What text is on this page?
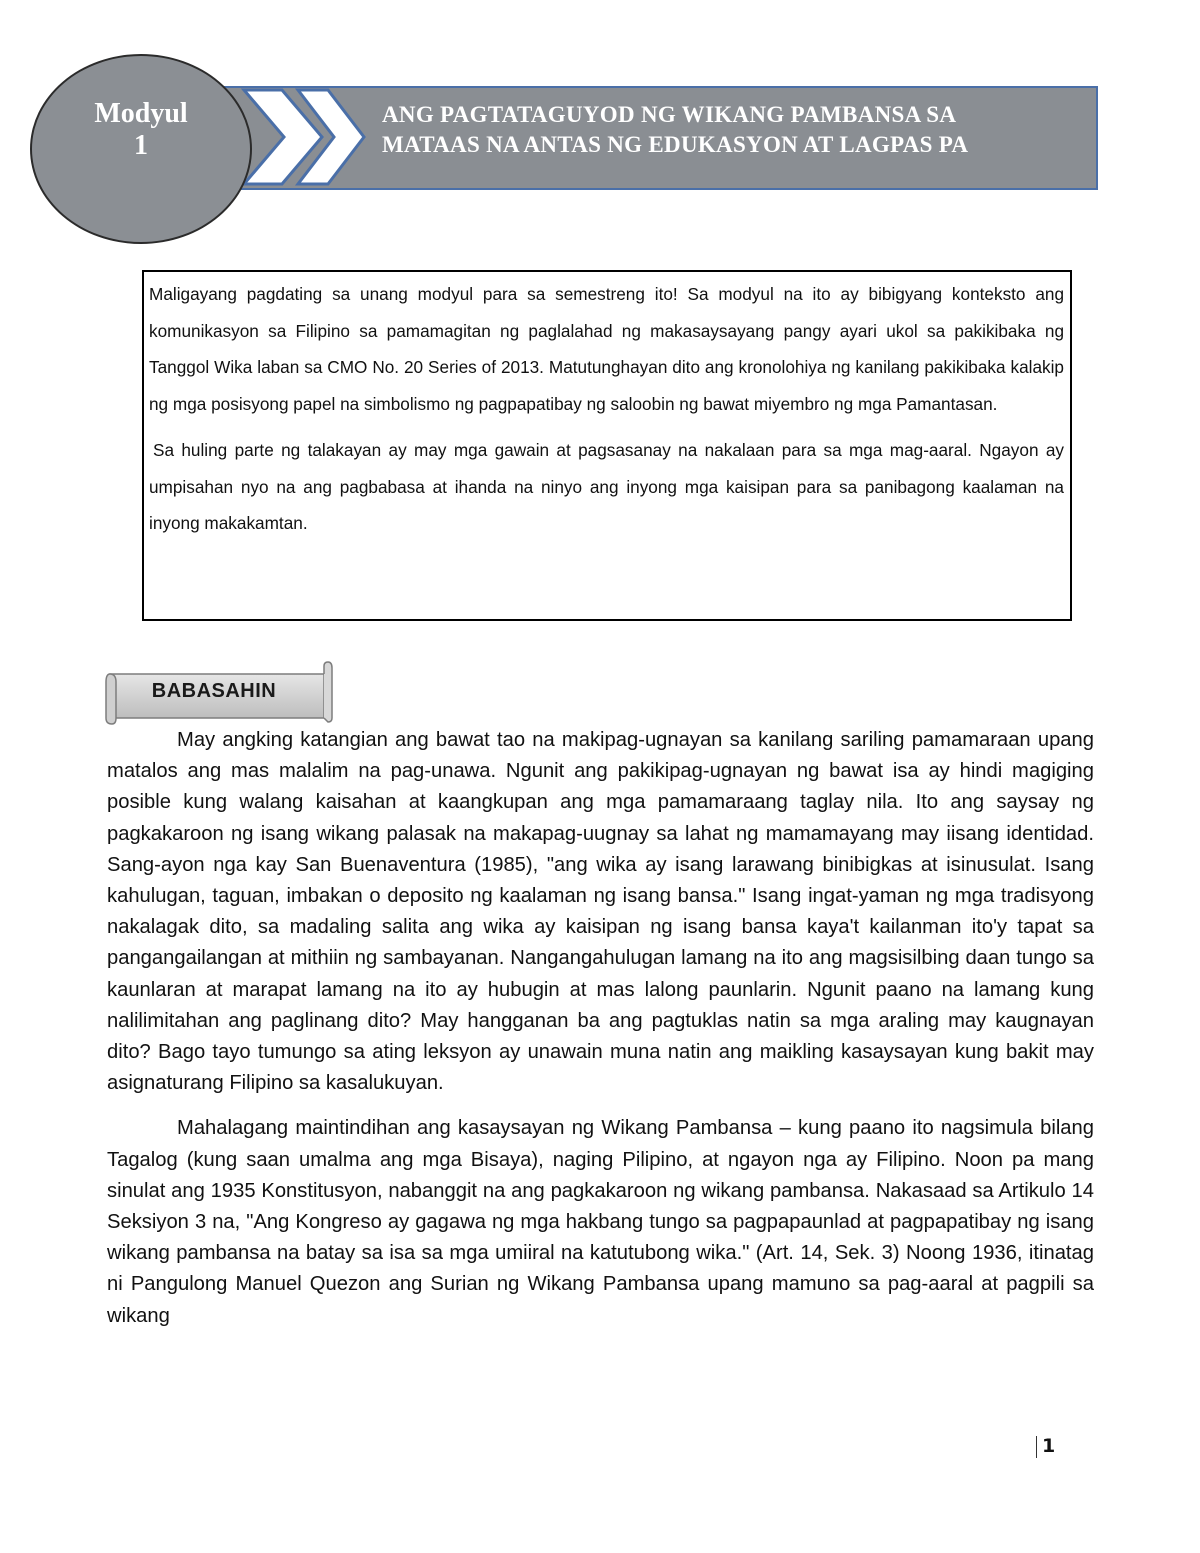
ANG PAGTATAGUYOD NG WIKANG PAMBANSA SA
MATAAS NA ANTAS NG EDUKASYON AT LAGPAS PA
Modyul
1

Maligayang pagdating sa unang modyul para sa semestreng ito! Sa modyul na ito ay bibigyang konteksto ang komunikasyon sa Filipino sa pamamagitan ng paglalahad ng makasaysayang pangy ayari ukol sa pakikibaka ng Tanggol Wika laban sa CMO No. 20 Series of 2013. Matutunghayan dito ang kronolohiya ng kanilang pakikibaka kalakip ng mga posisyong papel na simbolismo ng pagpapatibay ng saloobin ng bawat miyembro ng mga Pamantasan.

Sa huling parte ng talakayan ay may mga gawain at pagsasanay na nakalaan para sa mga mag-aaral. Ngayon ay umpisahan nyo na ang pagbabasa at ihanda na ninyo ang inyong mga kaisipan para sa panibagong kaalaman na inyong makakamtan.

BABASAHIN

May angking katangian ang bawat tao na makipag-ugnayan sa kanilang sariling pamamaraan upang matalos ang mas malalim na pag-unawa. Ngunit ang pakikipag-ugnayan ng bawat isa ay hindi magiging posible kung walang kaisahan at kaangkupan ang mga pamamaraang taglay nila. Ito ang saysay ng pagkakaroon ng isang wikang palasak na makapag-uugnay sa lahat ng mamamayang may iisang identidad. Sang-ayon nga kay San Buenaventura (1985), "ang wika ay isang larawang binibigkas at isinusulat. Isang kahulugan, taguan, imbakan o deposito ng kaalaman ng isang bansa." Isang ingat-yaman ng mga tradisyong nakalagak dito, sa madaling salita ang wika ay kaisipan ng isang bansa kaya't kailanman ito'y tapat sa pangangailangan at mithiin ng sambayanan. Nangangahulugan lamang na ito ang magsisilbing daan tungo sa kaunlaran at marapat lamang na ito ay hubugin at mas lalong paunlarin. Ngunit paano na lamang kung nalilimitahan ang paglinang dito? May hangganan ba ang pagtuklas natin sa mga araling may kaugnayan dito? Bago tayo tumungo sa ating leksyon ay unawain muna natin ang maikling kasaysayan kung bakit may asignaturang Filipino sa kasalukuyan.

Mahalagang maintindihan ang kasaysayan ng Wikang Pambansa – kung paano ito nagsimula bilang Tagalog (kung saan umalma ang mga Bisaya), naging Pilipino, at ngayon nga ay Filipino. Noon pa mang sinulat ang 1935 Konstitusyon, nabanggit na ang pagkakaroon ng wikang pambansa. Nakasaad sa Artikulo 14 Seksiyon 3 na, "Ang Kongreso ay gagawa ng mga hakbang tungo sa pagpapaunlad at pagpapatibay ng isang wikang pambansa na batay sa isa sa mga umiiral na katutubong wika." (Art. 14, Sek. 3) Noong 1936, itinatag ni Pangulong Manuel Quezon ang Surian ng Wikang Pambansa upang mamuno sa pag-aaral at pagpili sa wikang

1
